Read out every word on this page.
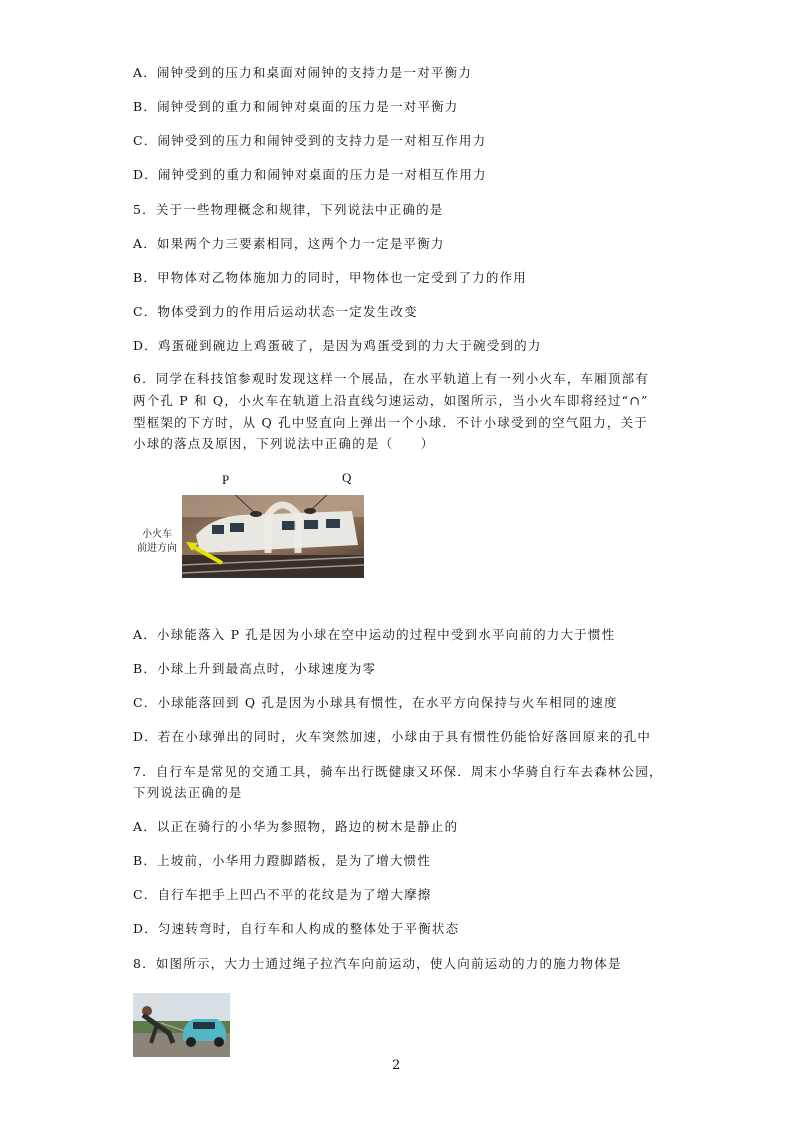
A．闹钟受到的压力和桌面对闹钟的支持力是一对平衡力
B．闹钟受到的重力和闹钟对桌面的压力是一对平衡力
C．闹钟受到的压力和闹钟受到的支持力是一对相互作用力
D．闹钟受到的重力和闹钟对桌面的压力是一对相互作用力
5．关于一些物理概念和规律，下列说法中正确的是
A．如果两个力三要素相同，这两个力一定是平衡力
B．甲物体对乙物体施加力的同时，甲物体也一定受到了力的作用
C．物体受到力的作用后运动状态一定发生改变
D．鸡蛋碰到碗边上鸡蛋破了，是因为鸡蛋受到的力大于碗受到的力
6．同学在科技馆参观时发现这样一个展品，在水平轨道上有一列小火车，车厢顶部有
两个孔 P 和 Q，小火车在轨道上沿直线匀速运动，如图所示，当小火车即将经过“∩”
型框架的下方时，从 Q 孔中竖直向上弹出一个小球．不计小球受到的空气阻力，关于
小球的落点及原因，下列说法中正确的是（　　）
P	Q
小火车
前进方向
A．小球能落入 P 孔是因为小球在空中运动的过程中受到水平向前的力大于惯性
B．小球上升到最高点时，小球速度为零
C．小球能落回到 Q 孔是因为小球具有惯性，在水平方向保持与火车相同的速度
D．若在小球弹出的同时，火车突然加速，小球由于具有惯性仍能恰好落回原来的孔中
7．自行车是常见的交通工具，骑车出行既健康又环保．周末小华骑自行车去森林公园，
下列说法正确的是
A．以正在骑行的小华为参照物，路边的树木是静止的
B．上坡前，小华用力蹬脚踏板，是为了增大惯性
C．自行车把手上凹凸不平的花纹是为了增大摩擦
D．匀速转弯时，自行车和人构成的整体处于平衡状态
8．如图所示，大力士通过绳子拉汽车向前运动，使人向前运动的力的施力物体是
2
